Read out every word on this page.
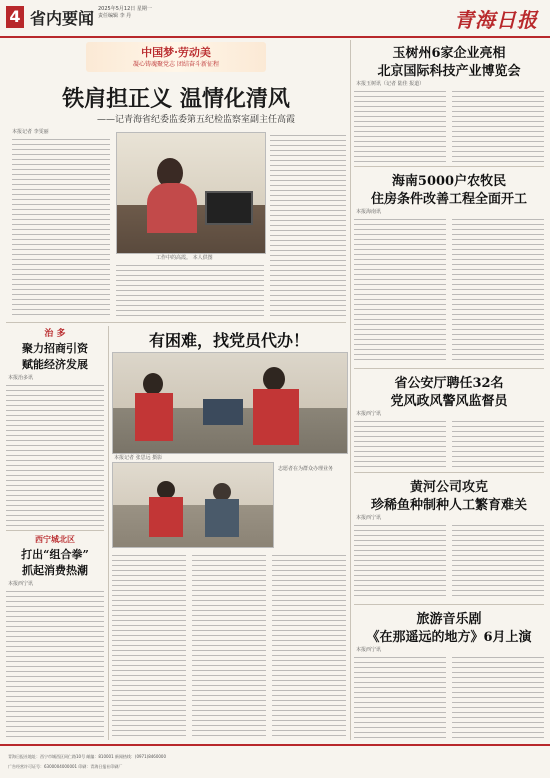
4 省内要闻 2025年5月12日 星期一
责任编辑 李 丹	青海日报
中国梦·劳动美
凝心铸魂聚党志 团结奋斗新征程
铁肩担正义 温情化清风
——记青海省纪委监委第五纪检监察室副主任高霞
本报记者 李雯丽
工作中的高霞。 本人供图
治 多
聚力招商引资
赋能经济发展
本报治多讯
西宁城北区
打出“组合拳”
抓起消费热潮
本报西宁讯
有困难，找党员代办！
本报记者 张思远 摄影
志愿者在为群众办理业务
玉树州6家企业亮相
北京国际科技产业博览会
本报玉树讯（记者 陆佳 报道）
海南5000户农牧民
住房条件改善工程全面开工
本报海南讯
省公安厅聘任32名
党风政风警风监督员
本报西宁讯
黄河公司攻克
珍稀鱼种制种人工繁育难关
本报西宁讯
旅游音乐剧
《在那遥远的地方》6月上演
本报西宁讯
青海日报社地址：西宁市城西区同仁路10号 邮编：810001 新闻热线：(0971)8460000
广告经营许可证号：6300004000001 印刷：青海日报社印刷厂
